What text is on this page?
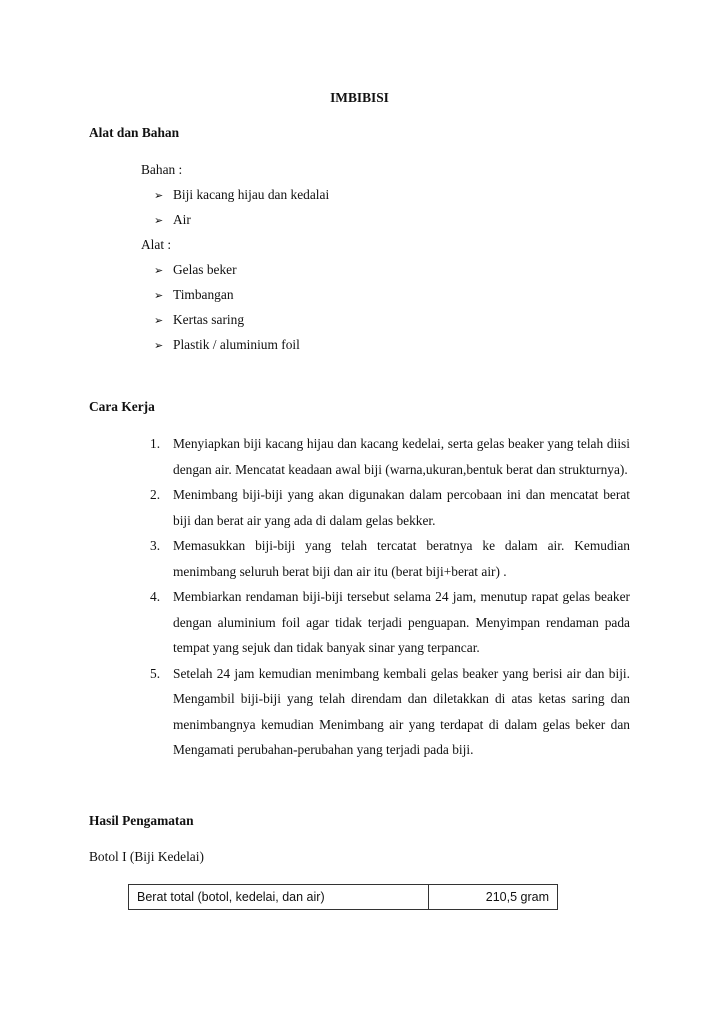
IMBIBISI
Alat dan Bahan
Bahan :
➢ Biji kacang hijau dan kedalai
➢ Air
Alat :
➢ Gelas beker
➢ Timbangan
➢ Kertas saring
➢ Plastik / aluminium foil
Cara Kerja
1. Menyiapkan biji kacang hijau dan kacang kedelai, serta gelas beaker yang telah diisi dengan air. Mencatat keadaan awal biji (warna,ukuran,bentuk berat dan strukturnya).
2. Menimbang biji-biji yang akan digunakan dalam percobaan ini dan mencatat berat biji dan berat air yang ada di dalam gelas bekker.
3. Memasukkan biji-biji yang telah tercatat beratnya ke dalam air. Kemudian menimbang seluruh berat biji dan air itu (berat biji+berat air) .
4. Membiarkan rendaman biji-biji tersebut selama 24 jam, menutup rapat gelas beaker dengan aluminium foil agar tidak terjadi penguapan. Menyimpan rendaman pada tempat yang sejuk dan tidak banyak sinar yang terpancar.
5. Setelah 24 jam kemudian menimbang kembali gelas beaker yang berisi air dan biji. Mengambil biji-biji yang telah direndam dan diletakkan di atas ketas saring dan menimbangnya kemudian Menimbang air yang terdapat di dalam gelas beker dan Mengamati perubahan-perubahan yang terjadi pada biji.
Hasil Pengamatan
Botol I (Biji Kedelai)
Berat total (botol, kedelai, dan air)	210,5 gram
